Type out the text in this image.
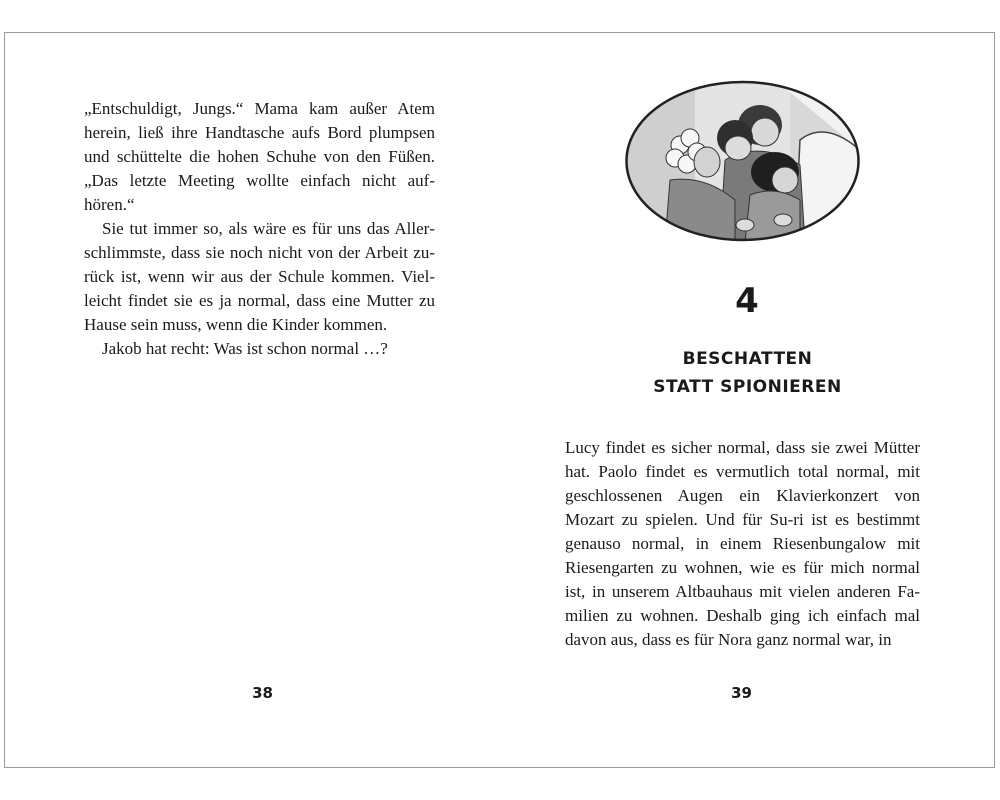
„Entschuldigt, Jungs.“ Mama kam außer Atem herein, ließ ihre Handtasche aufs Bord plumpsen und schüttelte die hohen Schuhe von den Füßen. „Das letzte Meeting wollte einfach nicht aufhören.“

Sie tut immer so, als wäre es für uns das Allerschlimmste, dass sie noch nicht von der Arbeit zurück ist, wenn wir aus der Schule kommen. Vielleicht findet sie es ja normal, dass eine Mutter zu Hause sein muss, wenn die Kinder kommen.

Jakob hat recht: Was ist schon normal …?

38
4
BESCHATTEN
STATT SPIONIEREN

Lucy findet es sicher normal, dass sie zwei Mütter hat. Paolo findet es vermutlich total normal, mit geschlossenen Augen ein Klavierkonzert von Mozart zu spielen. Und für Su-ri ist es bestimmt genauso normal, in einem Riesenbungalow mit Riesengarten zu wohnen, wie es für mich normal ist, in unserem Altbauhaus mit vielen anderen Familien zu wohnen. Deshalb ging ich einfach mal davon aus, dass es für Nora ganz normal war, in

39
